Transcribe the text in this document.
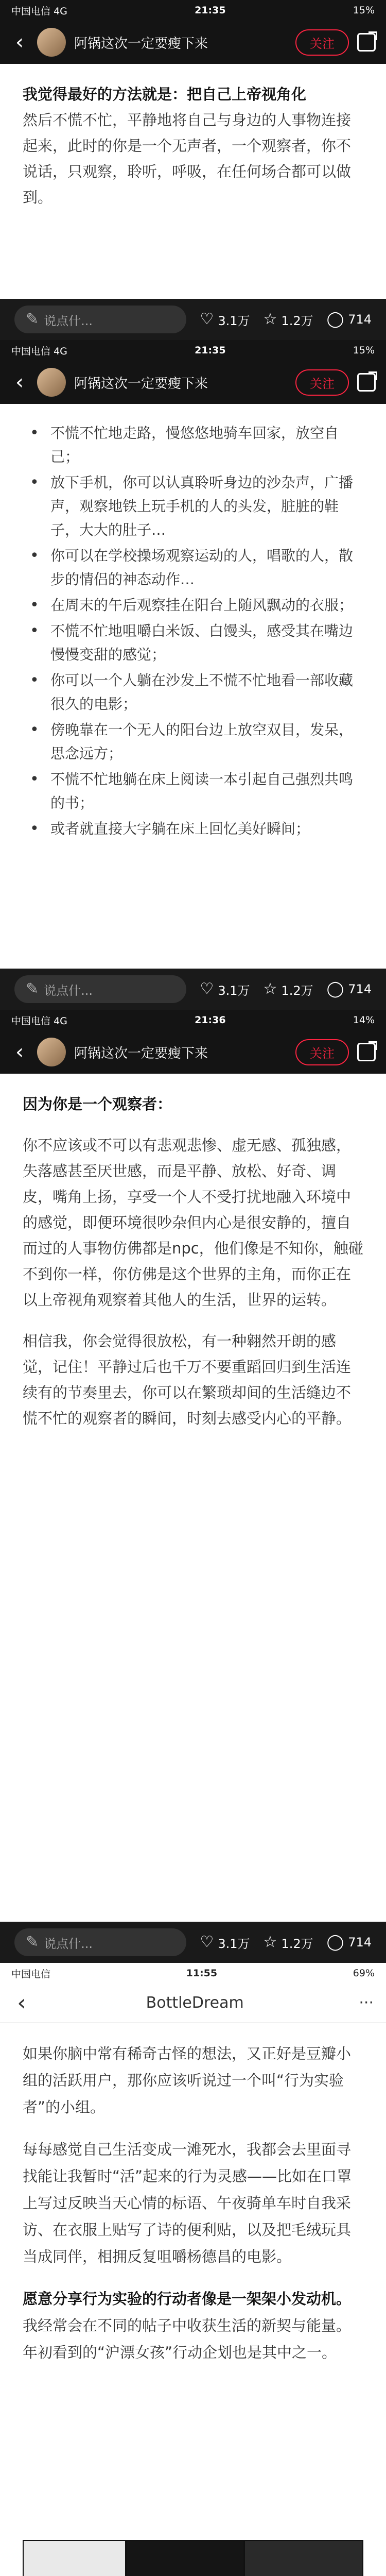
中国电信 4G	21:35	15%
‹	阿锅这次一定要瘦下来	关注

我觉得最好的方法就是：把自己上帝视角化
然后不慌不忙，平静地将自己与身边的人事物连接起来，此时的你是一个无声者，一个观察者，你不说话，只观察，聆听，呼吸，在任何场合都可以做到。

✎ 说点什...	♡ 3.1万 ☆ 1.2万 ◯ 714
中国电信 4G	21:35	15%
‹	阿锅这次一定要瘦下来	关注
• 不慌不忙地走路，慢悠悠地骑车回家，放空自己；
• 放下手机，你可以认真聆听身边的沙杂声，广播声，观察地铁上玩手机的人的头发，脏脏的鞋子，大大的肚子…
• 你可以在学校操场观察运动的人，唱歌的人，散步的情侣的神态动作…
• 在周末的午后观察挂在阳台上随风飘动的衣服；
• 不慌不忙地咀嚼白米饭、白馒头，感受其在嘴边慢慢变甜的感觉；
• 你可以一个人躺在沙发上不慌不忙地看一部收藏很久的电影；
• 傍晚靠在一个无人的阳台边上放空双目，发呆，思念远方；
• 不慌不忙地躺在床上阅读一本引起自己强烈共鸣的书；
• 或者就直接大字躺在床上回忆美好瞬间；
✎ 说点什...	♡ 3.1万 ☆ 1.2万 ◯ 714
中国电信 4G	21:36	14%
‹	阿锅这次一定要瘦下来	关注

因为你是一个观察者：

你不应该或不可以有悲观悲惨、虚无感、孤独感，失落感甚至厌世感，而是平静、放松、好奇、调皮，嘴角上扬，享受一个人不受打扰地融入环境中的感觉，即便环境很吵杂但内心是很安静的，擅自而过的人事物仿佛都是npc，他们像是不知你，触碰不到你一样，你仿佛是这个世界的主角，而你正在以上帝视角观察着其他人的生活，世界的运转。

相信我，你会觉得很放松，有一种翱然开朗的感觉，记住！平静过后也千万不要重蹈回归到生活连续有的节奏里去，你可以在繁琐却间的生活缝边不慌不忙的观察者的瞬间，时刻去感受内心的平静。

✎ 说点什...	♡ 3.1万 ☆ 1.2万 ◯ 714
中国电信	11:55	69%
‹	BottleDream	···

如果你脑中常有稀奇古怪的想法，又正好是豆瓣小组的活跃用户，那你应该听说过一个叫“行为实验者”的小组。

每每感觉自己生活变成一滩死水，我都会去里面寻找能让我暂时“活”起来的行为灵感——比如在口罩上写过反映当天心情的标语、午夜骑单车时自我采访、在衣服上贴写了诗的便利贴，以及把毛绒玩具当成同伴，相拥反复咀嚼杨德昌的电影。

愿意分享行为实验的行动者像是一架架小发动机。我经常会在不同的帖子中收获生活的新契与能量。年初看到的“沪漂女孩”行动企划也是其中之一。
